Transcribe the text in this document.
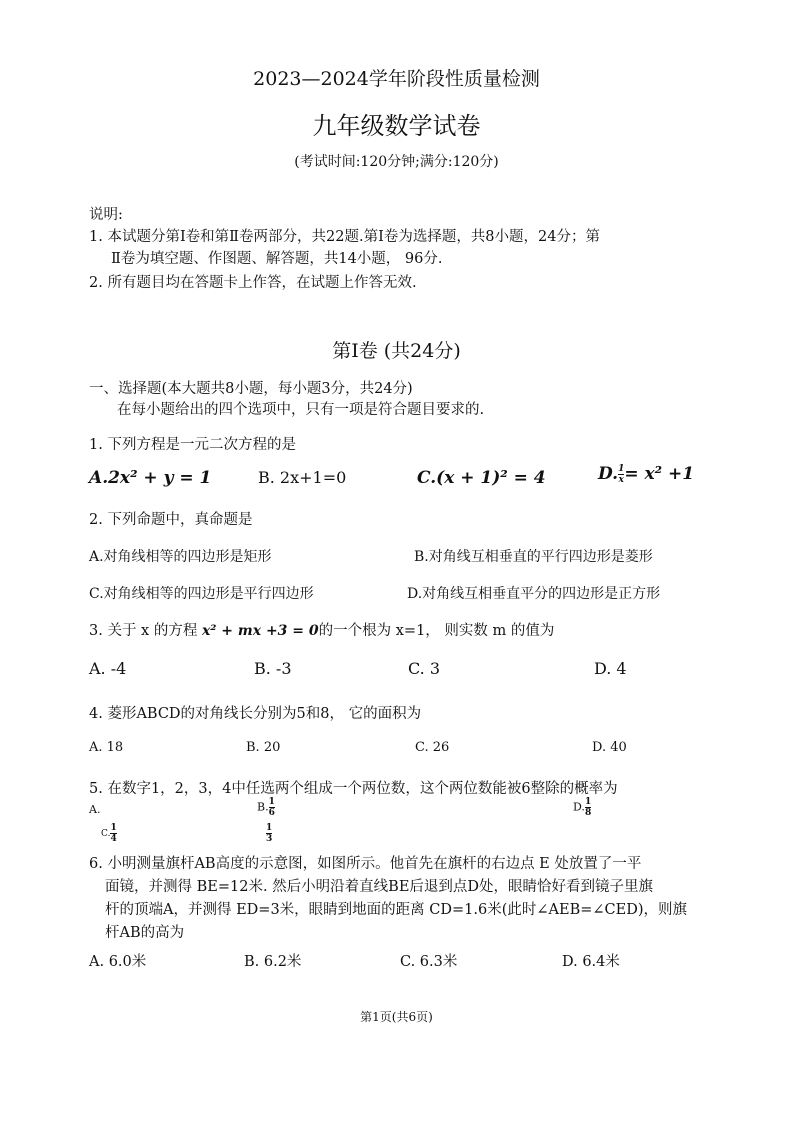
2023—2024学年阶段性质量检测
九年级数学试卷
(考试时间:120分钟;满分:120分)
说明:
1. 本试题分第Ⅰ卷和第Ⅱ卷两部分，共22题.第Ⅰ卷为选择题，共8小题，24分；第
Ⅱ卷为填空题、作图题、解答题，共14小题， 96分.
2. 所有题目均在答题卡上作答，在试题上作答无效.
第Ⅰ卷 (共24分)
一、选择题(本大题共8小题，每小题3分，共24分)
在每小题给出的四个选项中，只有一项是符合题目要求的.
1. 下列方程是一元二次方程的是
A.2x² + y = 1	B. 2x+1=0	C.(x + 1)² = 4	D. $\frac{1}{x} = x^2 +1$
2. 下列命题中，真命题是
A.对角线相等的四边形是矩形	B.对角线互相垂直的平行四边形是菱形
C.对角线相等的四边形是平行四边形	D.对角线互相垂直平分的四边形是正方形
3. 关于 x 的方程 x² + mx +3 = 0的一个根为 x=1， 则实数 m 的值为
A. -4	B. -3	C. 3	D. 4
4. 菱形ABCD的对角线长分别为5和8， 它的面积为
A. 18	B. 20	C. 26	D. 40
5. 在数字1，2，3，4中任选两个组成一个两位数，这个两位数能被6整除的概率为
A.	B. $\frac{1}{6}$	D. $\frac{1}{8}$
C. $\frac{1}{4}$	$\frac{1}{3}$
6. 小明测量旗杆AB高度的示意图，如图所示。他首先在旗杆的右边点 E 处放置了一平
面镜，并测得 BE=12米. 然后小明沿着直线BE后退到点D处，眼睛恰好看到镜子里旗
杆的顶端A，并测得 ED=3米，眼睛到地面的距离 CD=1.6米(此时∠AEB=∠CED)，则旗
杆AB的高为
A. 6.0米	B. 6.2米	C. 6.3米	D. 6.4米
第1页(共6页)
